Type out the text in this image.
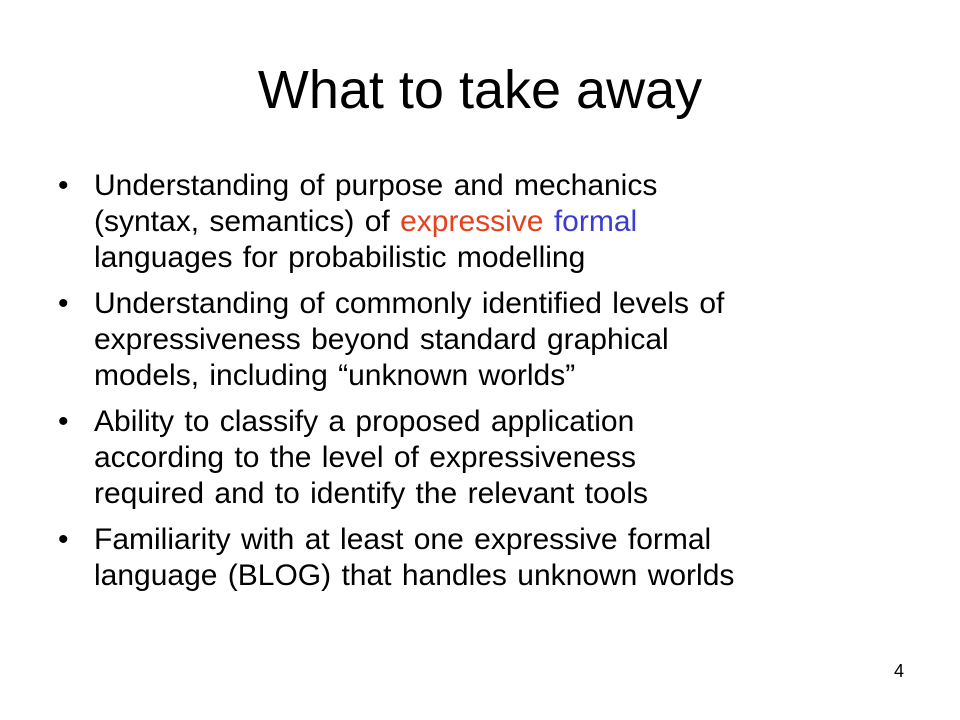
What to take away
• Understanding of purpose and mechanics
(syntax, semantics) of expressive formal
languages for probabilistic modelling
• Understanding of commonly identified levels of
expressiveness beyond standard graphical
models, including “unknown worlds”
• Ability to classify a proposed application
according to the level of expressiveness
required and to identify the relevant tools
• Familiarity with at least one expressive formal
language (BLOG) that handles unknown worlds
4
